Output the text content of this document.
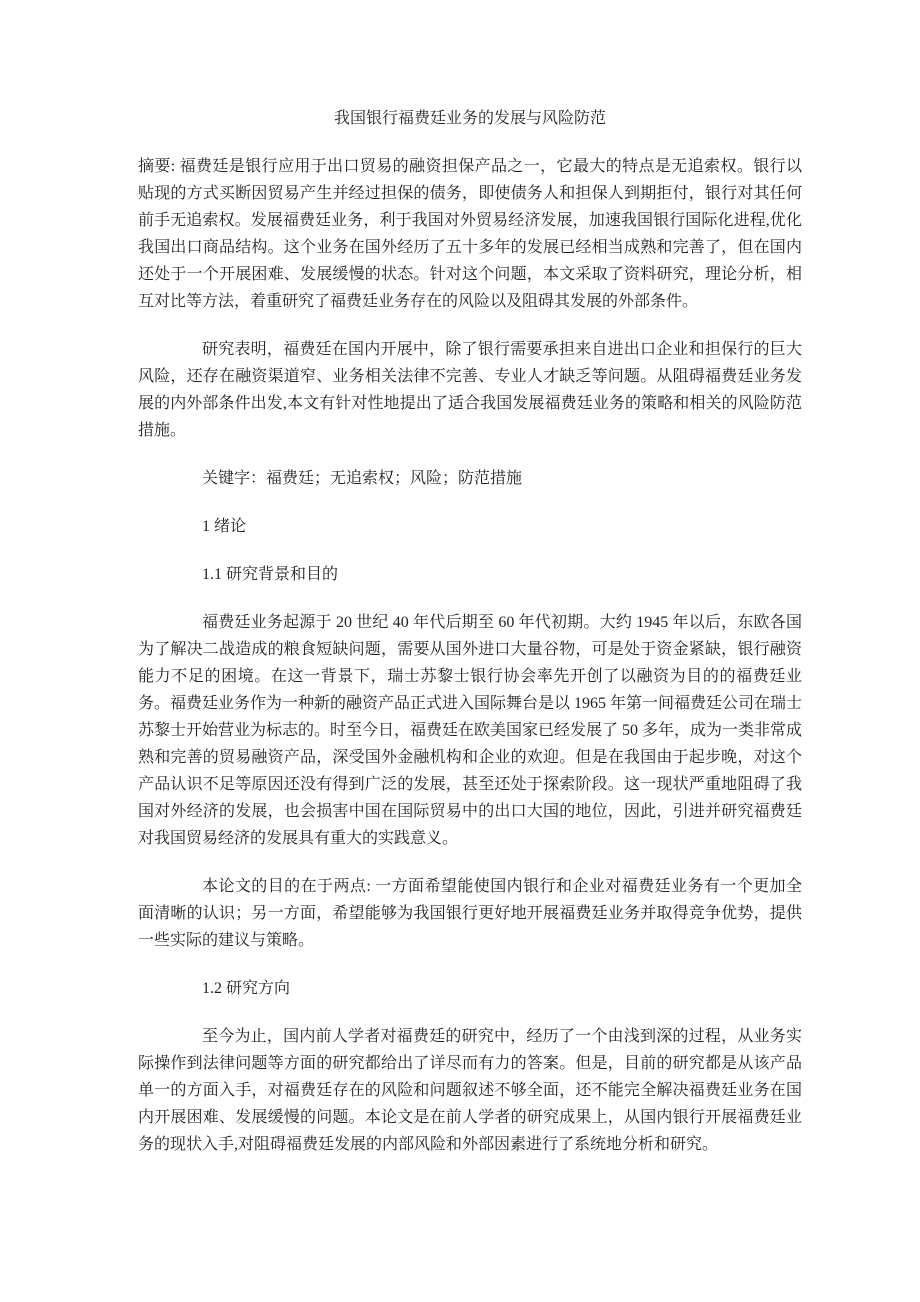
我国银行福费廷业务的发展与风险防范

摘要: 福费廷是银行应用于出口贸易的融资担保产品之一，它最大的特点是无追索权。银行以贴现的方式买断因贸易产生并经过担保的债务，即使债务人和担保人到期拒付，银行对其任何前手无追索权。发展福费廷业务，利于我国对外贸易经济发展，加速我国银行国际化进程,优化我国出口商品结构。这个业务在国外经历了五十多年的发展已经相当成熟和完善了，但在国内还处于一个开展困难、发展缓慢的状态。针对这个问题，本文采取了资料研究，理论分析，相互对比等方法，着重研究了福费廷业务存在的风险以及阻碍其发展的外部条件。

研究表明，福费廷在国内开展中，除了银行需要承担来自进出口企业和担保行的巨大风险，还存在融资渠道窄、业务相关法律不完善、专业人才缺乏等问题。从阻碍福费廷业务发展的内外部条件出发,本文有针对性地提出了适合我国发展福费廷业务的策略和相关的风险防范措施。

关键字：福费廷；无追索权；风险；防范措施

1 绪论

1.1 研究背景和目的

福费廷业务起源于 20 世纪 40 年代后期至 60 年代初期。大约 1945 年以后，东欧各国为了解决二战造成的粮食短缺问题，需要从国外进口大量谷物，可是处于资金紧缺，银行融资能力不足的困境。在这一背景下，瑞士苏黎士银行协会率先开创了以融资为目的的福费廷业务。福费廷业务作为一种新的融资产品正式进入国际舞台是以 1965 年第一间福费廷公司在瑞士苏黎士开始营业为标志的。时至今日，福费廷在欧美国家已经发展了 50 多年，成为一类非常成熟和完善的贸易融资产品，深受国外金融机构和企业的欢迎。但是在我国由于起步晚，对这个产品认识不足等原因还没有得到广泛的发展，甚至还处于探索阶段。这一现状严重地阻碍了我国对外经济的发展，也会损害中国在国际贸易中的出口大国的地位，因此，引进并研究福费廷对我国贸易经济的发展具有重大的实践意义。

本论文的目的在于两点: 一方面希望能使国内银行和企业对福费廷业务有一个更加全面清晰的认识；另一方面，希望能够为我国银行更好地开展福费廷业务并取得竞争优势，提供一些实际的建议与策略。

1.2 研究方向

至今为止，国内前人学者对福费廷的研究中，经历了一个由浅到深的过程，从业务实际操作到法律问题等方面的研究都给出了详尽而有力的答案。但是，目前的研究都是从该产品单一的方面入手，对福费廷存在的风险和问题叙述不够全面，还不能完全解决福费廷业务在国内开展困难、发展缓慢的问题。本论文是在前人学者的研究成果上，从国内银行开展福费廷业务的现状入手,对阻碍福费廷发展的内部风险和外部因素进行了系统地分析和研究。
